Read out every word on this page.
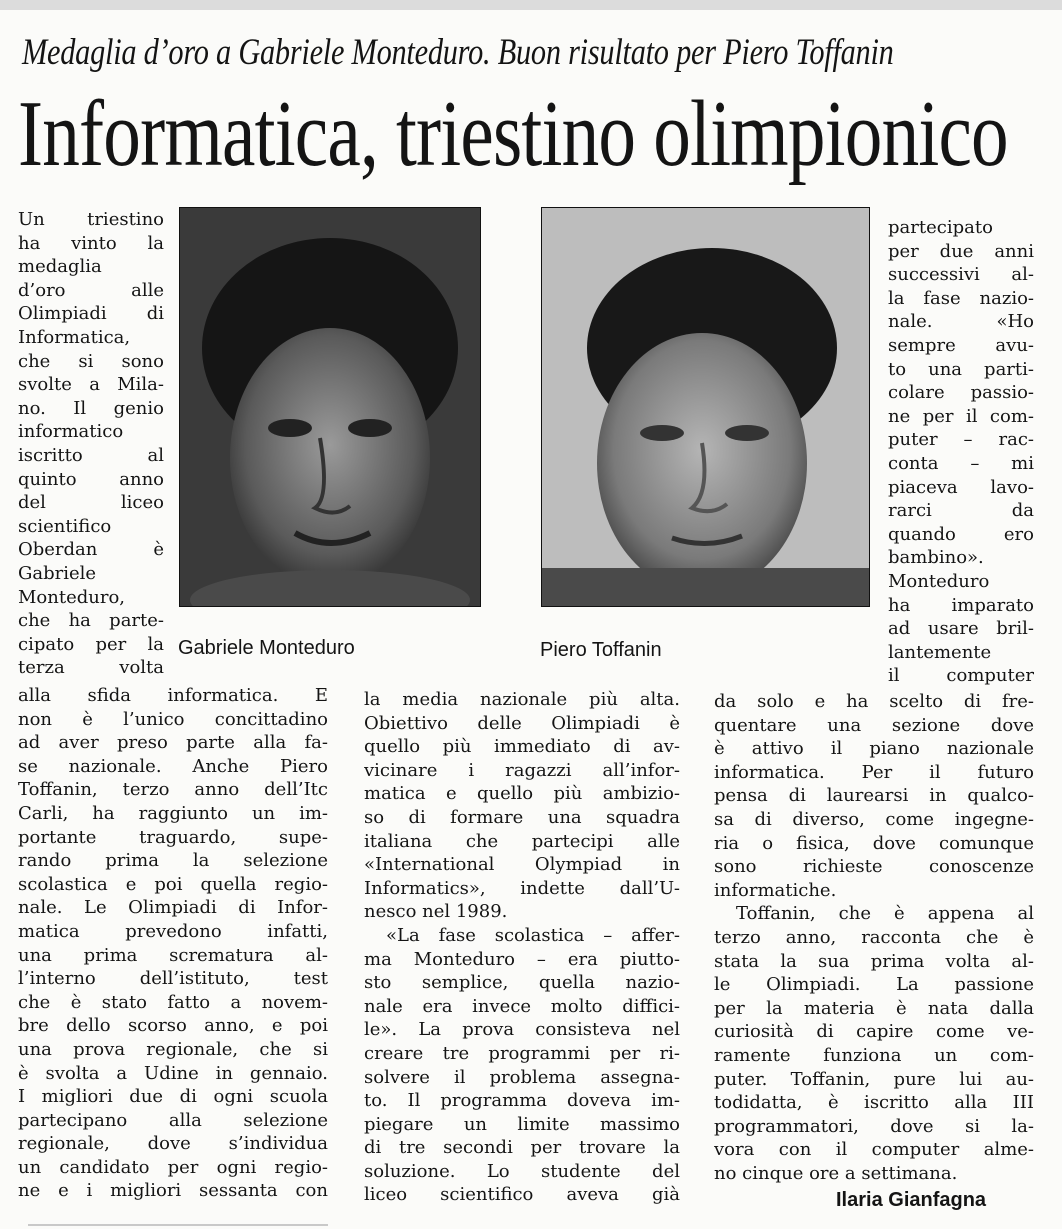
Medaglia d’oro a Gabriele Monteduro. Buon risultato per Piero Toffanin
Informatica, triestino olimpionico
Gabriele Monteduro	Piero Toffanin
Un triestino
ha vinto la
medaglia
d’oro alle
Olimpiadi di
Informatica,
che si sono
svolte a Mila-
no. Il genio
informatico
iscritto al
quinto anno
del liceo
scientifico
Oberdan è
Gabriele
Monteduro,
che ha parte-
cipato per la
terza volta
alla sfida informatica. E
non è l’unico concittadino
ad aver preso parte alla fa-
se nazionale. Anche Piero
Toffanin, terzo anno dell’Itc
Carli, ha raggiunto un im-
portante traguardo, supe-
rando prima la selezione
scolastica e poi quella regio-
nale. Le Olimpiadi di Infor-
matica prevedono infatti,
una prima scrematura al-
l’interno dell’istituto, test
che è stato fatto a novem-
bre dello scorso anno, e poi
una prova regionale, che si
è svolta a Udine in gennaio.
I migliori due di ogni scuola
partecipano alla selezione
regionale, dove s’individua
un candidato per ogni regio-
ne e i migliori sessanta con
la media nazionale più alta.
Obiettivo delle Olimpiadi è
quello più immediato di av-
vicinare i ragazzi all’infor-
matica e quello più ambizio-
so di formare una squadra
italiana che partecipi alle
«International Olympiad in
Informatics», indette dall’U-
nesco nel 1989.
«La fase scolastica – affer-
ma Monteduro – era piutto-
sto semplice, quella nazio-
nale era invece molto diffici-
le». La prova consisteva nel
creare tre programmi per ri-
solvere il problema assegna-
to. Il programma doveva im-
piegare un limite massimo
di tre secondi per trovare la
soluzione. Lo studente del
liceo scientifico aveva già
partecipato
per due anni
successivi al-
la fase nazio-
nale. «Ho
sempre avu-
to una parti-
colare passio-
ne per il com-
puter – rac-
conta – mi
piaceva lavo-
rarci da
quando ero
bambino».
Monteduro
ha imparato
ad usare bril-
lantemente
il computer
da solo e ha scelto di fre-
quentare una sezione dove
è attivo il piano nazionale
informatica. Per il futuro
pensa di laurearsi in qualco-
sa di diverso, come ingegne-
ria o fisica, dove comunque
sono richieste conoscenze
informatiche.
Toffanin, che è appena al
terzo anno, racconta che è
stata la sua prima volta al-
le Olimpiadi. La passione
per la materia è nata dalla
curiosità di capire come ve-
ramente funziona un com-
puter. Toffanin, pure lui au-
todidatta, è iscritto alla III
programmatori, dove si la-
vora con il computer alme-
no cinque ore a settimana.
Ilaria Gianfagna
